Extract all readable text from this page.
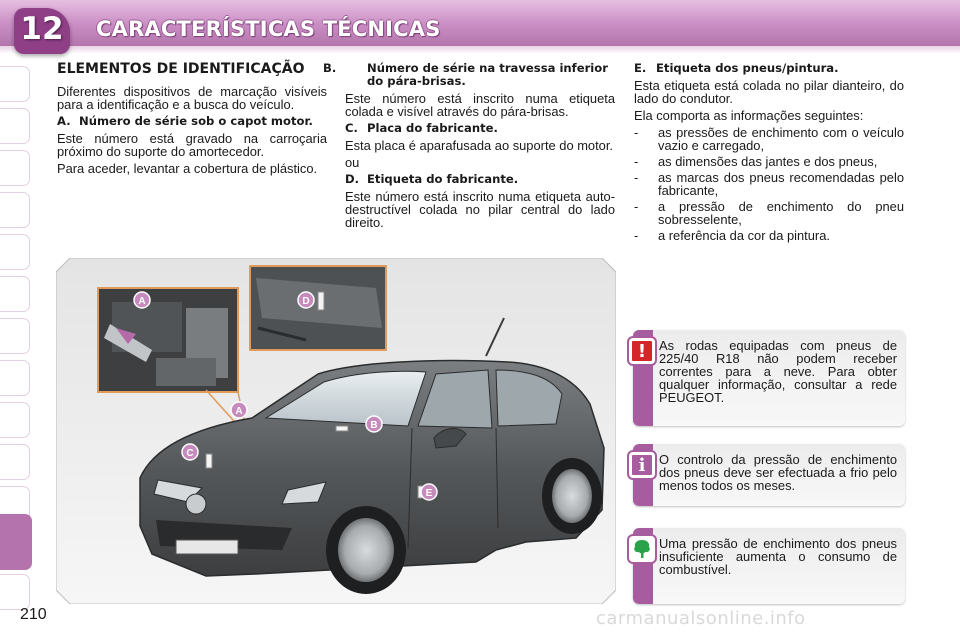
12 CARACTERÍSTICAS TÉCNICAS
210
ELEMENTOS DE IDENTIFICAÇÃO

Diferentes dispositivos de marcação visíveis para a identificação e a busca do veículo.

A. Número de série sob o capot motor.

Este número está gravado na carroçaria próximo do suporte do amortecedor.

Para aceder, levantar a cobertura de plástico.

B.	Número de série na travessa inferior do pára-brisas.

Este número está inscrito numa etiqueta colada e visível através do pára-brisas.

C. Placa do fabricante.

Esta placa é aparafusada ao suporte do motor.

ou

D. Etiqueta do fabricante.

Este número está inscrito numa etiqueta auto-destructível colada no pilar central do lado direito.

E. Etiqueta dos pneus/pintura.

Esta etiqueta está colada no pilar dianteiro, do lado do condutor.

Ela comporta as informações seguintes:

-	as pressões de enchimento com o veículo vazio e carregado,
-	as dimensões das jantes e dos pneus,
-	as marcas dos pneus recomendadas pelo fabricante,
-	a pressão de enchimento do pneu sobresselente,
-	a referência da cor da pintura.
A
A
B
C
D
E
! As rodas equipadas com pneus de 225/40 R18 não podem receber correntes para a neve. Para obter qualquer informação, consultar a rede PEUGEOT.
i O controlo da pressão de enchimento dos pneus deve ser efectuada a frio pelo menos todos os meses.
Uma pressão de enchimento dos pneus insuficiente aumenta o consumo de combustível.
carmanualsonline.info
